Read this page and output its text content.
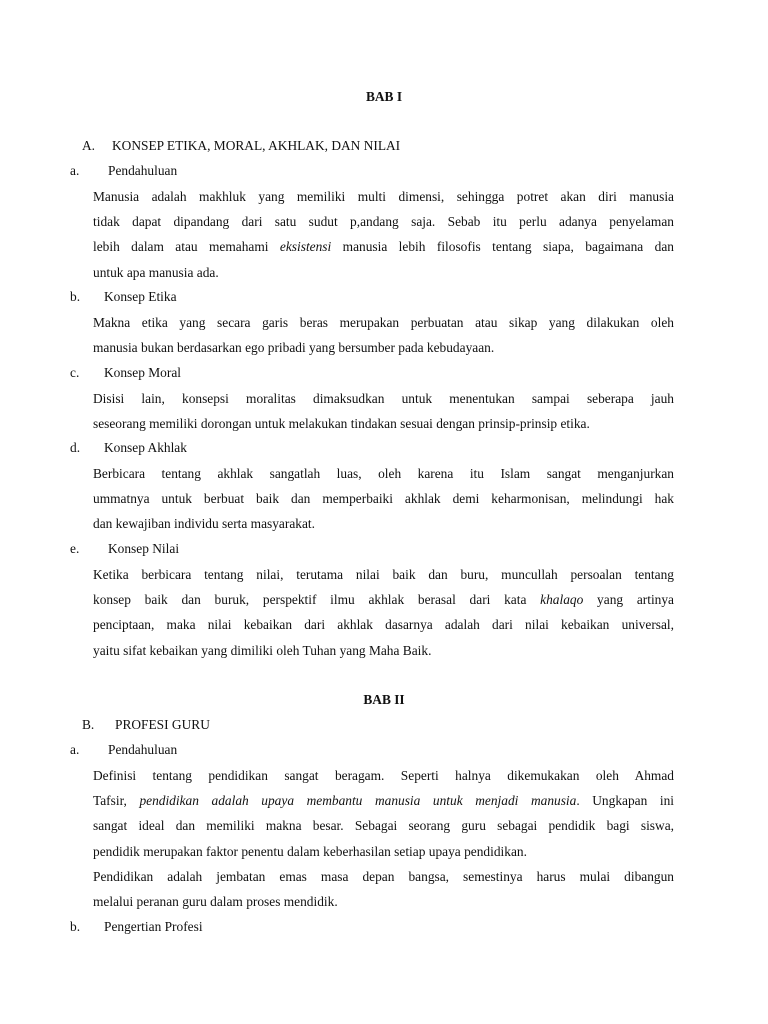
BAB I
A. KONSEP ETIKA, MORAL, AKHLAK, DAN NILAI
a. Pendahuluan
Manusia adalah makhluk yang memiliki multi dimensi, sehingga potret akan diri manusia
tidak dapat dipandang dari satu sudut p,andang saja. Sebab itu perlu adanya penyelaman
lebih dalam atau memahami eksistensi manusia lebih filosofis tentang siapa, bagaimana dan
untuk apa manusia ada.
b. Konsep Etika
Makna etika yang secara garis beras merupakan perbuatan atau sikap yang dilakukan oleh
manusia bukan berdasarkan ego pribadi yang bersumber pada kebudayaan.
c. Konsep Moral
Disisi lain, konsepsi moralitas dimaksudkan untuk menentukan sampai seberapa jauh
seseorang memiliki dorongan untuk melakukan tindakan sesuai dengan prinsip-prinsip etika.
d. Konsep Akhlak
Berbicara tentang akhlak sangatlah luas, oleh karena itu Islam sangat menganjurkan
ummatnya untuk berbuat baik dan memperbaiki akhlak demi keharmonisan, melindungi hak
dan kewajiban individu serta masyarakat.
e. Konsep Nilai
Ketika berbicara tentang nilai, terutama nilai baik dan buru, muncullah persoalan tentang
konsep baik dan buruk, perspektif ilmu akhlak berasal dari kata khalaqo yang artinya
penciptaan, maka nilai kebaikan dari akhlak dasarnya adalah dari nilai kebaikan universal,
yaitu sifat kebaikan yang dimiliki oleh Tuhan yang Maha Baik.
BAB II
B. PROFESI GURU
a. Pendahuluan
Definisi tentang pendidikan sangat beragam. Seperti halnya dikemukakan oleh Ahmad
Tafsir, pendidikan adalah upaya membantu manusia untuk menjadi manusia. Ungkapan ini
sangat ideal dan memiliki makna besar. Sebagai seorang guru sebagai pendidik bagi siswa,
pendidik merupakan faktor penentu dalam keberhasilan setiap upaya pendidikan.
Pendidikan adalah jembatan emas masa depan bangsa, semestinya harus mulai dibangun
melalui peranan guru dalam proses mendidik.
b. Pengertian Profesi
